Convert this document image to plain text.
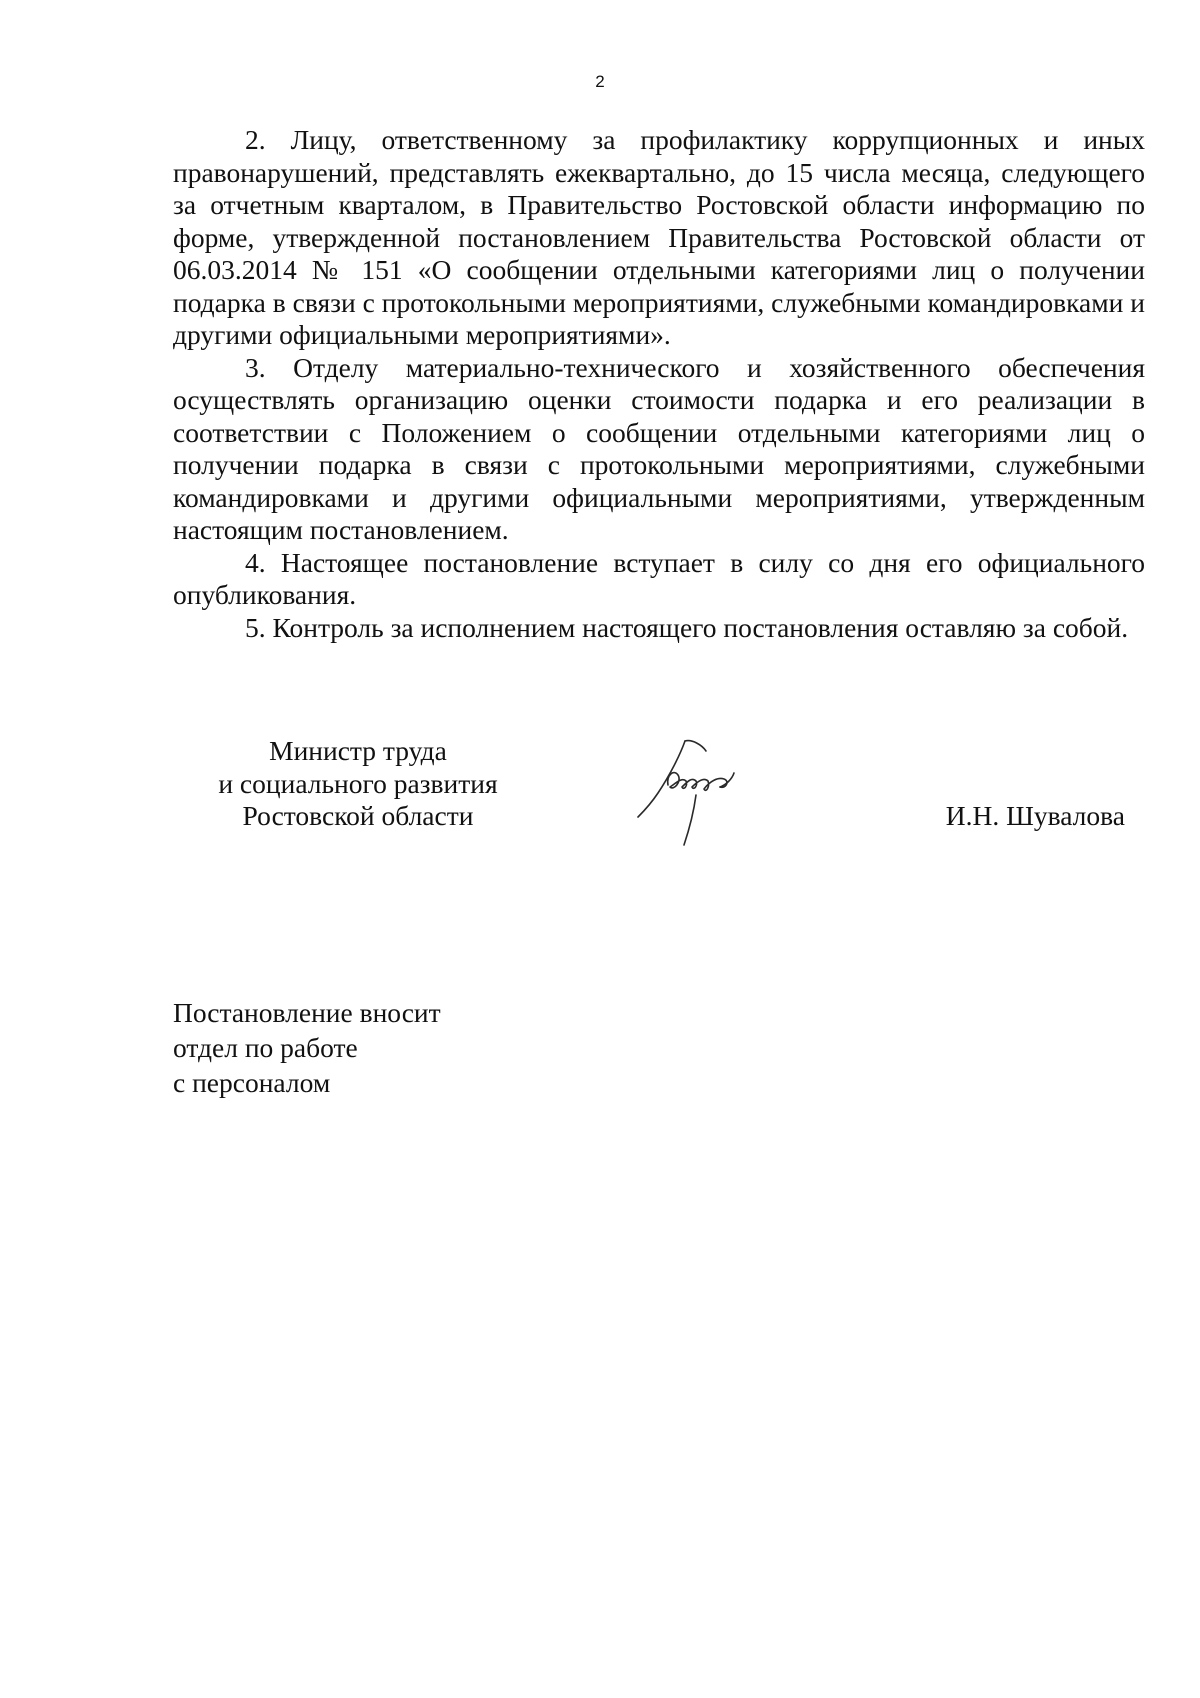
2

2. Лицу, ответственному за профилактику коррупционных и иных правонарушений, представлять ежеквартально, до 15 числа месяца, следующего за отчетным кварталом, в Правительство Ростовской области информацию по форме, утвержденной постановлением Правительства Ростовской области от 06.03.2014 № 151 «О сообщении отдельными категориями лиц о получении подарка в связи с протокольными мероприятиями, служебными командировками и другими официальными мероприятиями».

3. Отделу материально-технического и хозяйственного обеспечения осуществлять организацию оценки стоимости подарка и его реализации в соответствии с Положением о сообщении отдельными категориями лиц о получении подарка в связи с протокольными мероприятиями, служебными командировками и другими официальными мероприятиями, утвержденным настоящим постановлением.

4. Настоящее постановление вступает в силу со дня его официального опубликования.

5. Контроль за исполнением настоящего постановления оставляю за собой.

Министр труда
и социального развития
Ростовской области	И.Н. Шувалова
Постановление вносит
отдел по работе
с персоналом
